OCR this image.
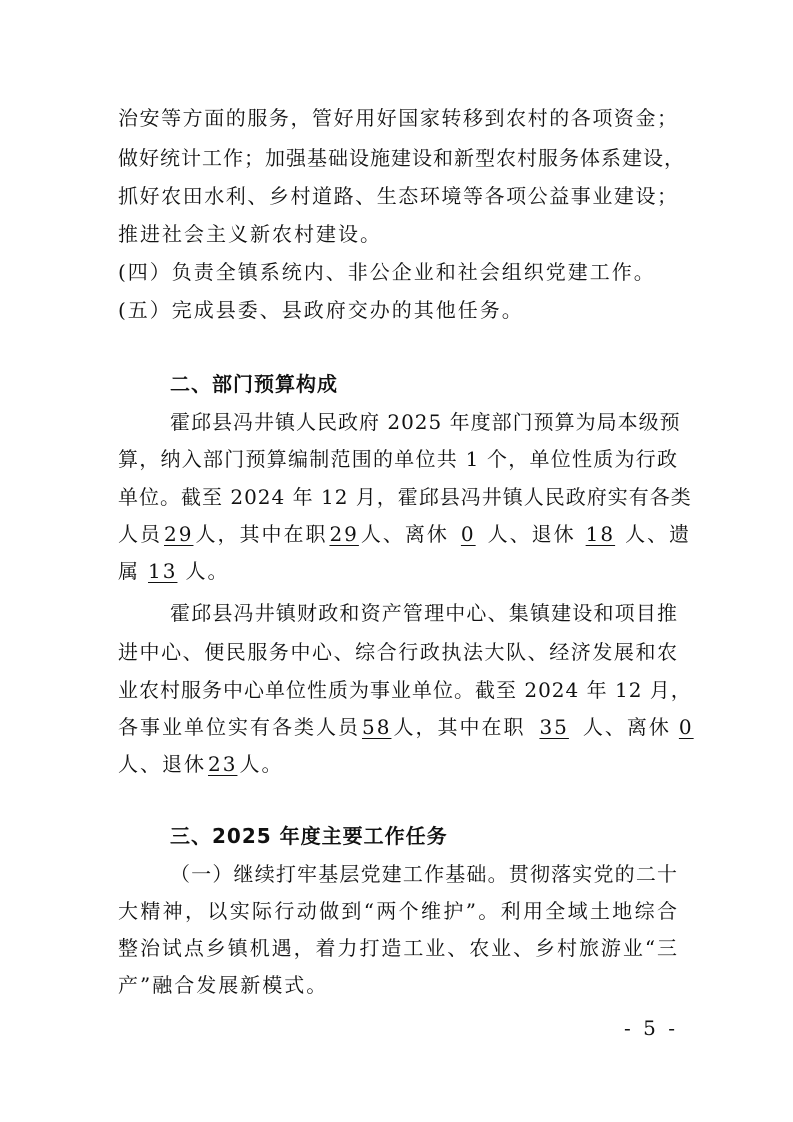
治安等方面的服务，管好用好国家转移到农村的各项资金；
做好统计工作；加强基础设施建设和新型农村服务体系建设，
抓好农田水利、乡村道路、生态环境等各项公益事业建设；
推进社会主义新农村建设。
(四）负责全镇系统内、非公企业和社会组织党建工作。
(五）完成县委、县政府交办的其他任务。
二、部门预算构成
霍邱县冯井镇人民政府 2025 年度部门预算为局本级预
算，纳入部门预算编制范围的单位共 1 个，单位性质为行政
单位。截至 2024 年 12 月，霍邱县冯井镇人民政府实有各类
人员 29 人，其中在职 29 人、离休 0 人、退休 18 人、遗
属 13 人。
霍邱县冯井镇财政和资产管理中心、集镇建设和项目推
进中心、便民服务中心、综合行政执法大队、经济发展和农
业农村服务中心单位性质为事业单位。截至 2024 年 12 月，
各事业单位实有各类人员 58 人，其中在职 35 人、离休 0
人、退休 23 人。
三、2025 年度主要工作任务
（一）继续打牢基层党建工作基础。贯彻落实党的二十
大精神，以实际行动做到“两个维护”。利用全域土地综合
整治试点乡镇机遇，着力打造工业、农业、乡村旅游业“三
产”融合发展新模式。
- 5 -
